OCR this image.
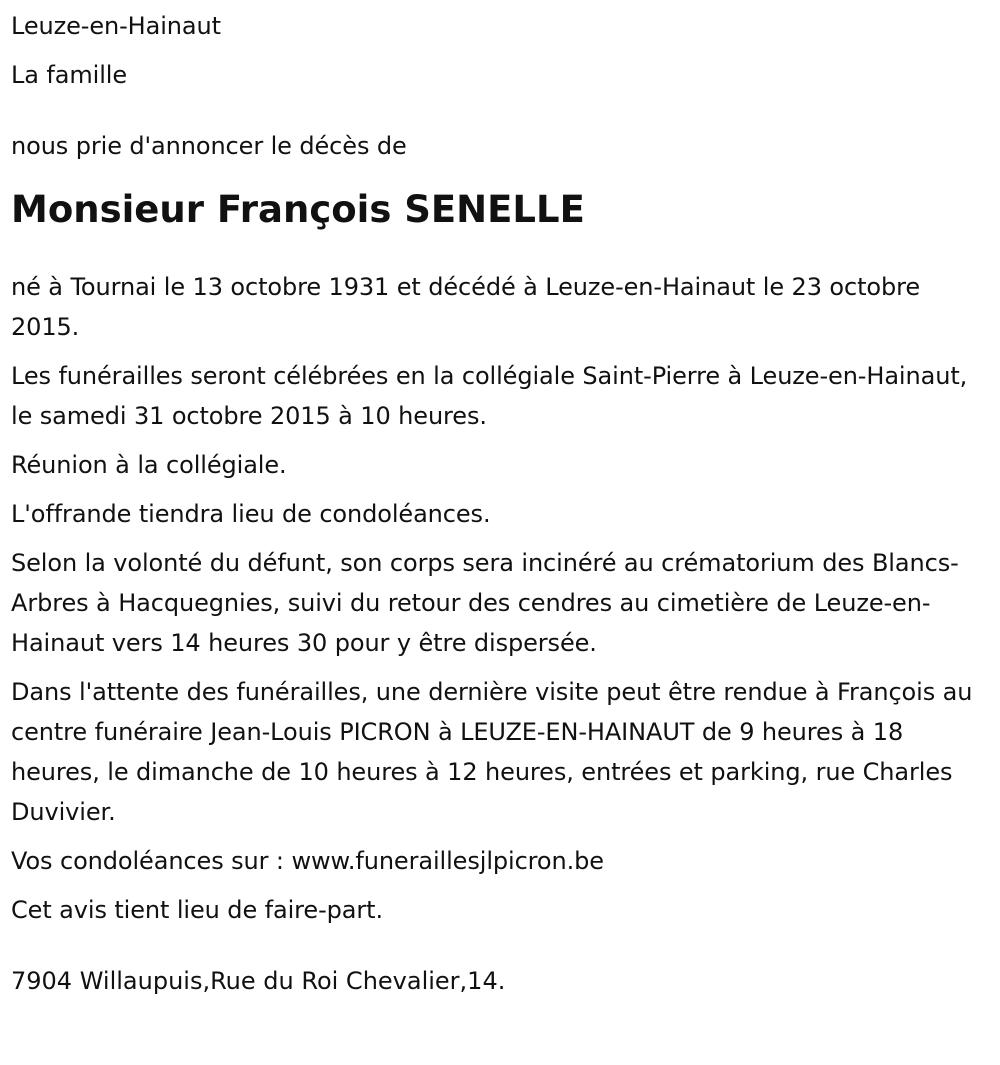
Leuze-en-Hainaut
La famille
nous prie d'annoncer le décès de
Monsieur François SENELLE
né à Tournai le 13 octobre 1931 et décédé à Leuze-en-Hainaut le 23 octobre 2015.
Les funérailles seront célébrées en la collégiale Saint-Pierre à Leuze-en-Hainaut, le samedi 31 octobre 2015 à 10 heures.
Réunion à la collégiale.
L'offrande tiendra lieu de condoléances.
Selon la volonté du défunt, son corps sera incinéré au crématorium des Blancs-Arbres à Hacquegnies, suivi du retour des cendres au cimetière de Leuze-en-Hainaut vers 14 heures 30 pour y être dispersée.
Dans l'attente des funérailles, une dernière visite peut être rendue à François au centre funéraire Jean-Louis PICRON à LEUZE-EN-HAINAUT de 9 heures à 18 heures, le dimanche de 10 heures à 12 heures, entrées et parking, rue Charles Duvivier.
Vos condoléances sur : www.funeraillesjlpicron.be
Cet avis tient lieu de faire-part.
7904 Willaupuis,Rue du Roi Chevalier,14.
